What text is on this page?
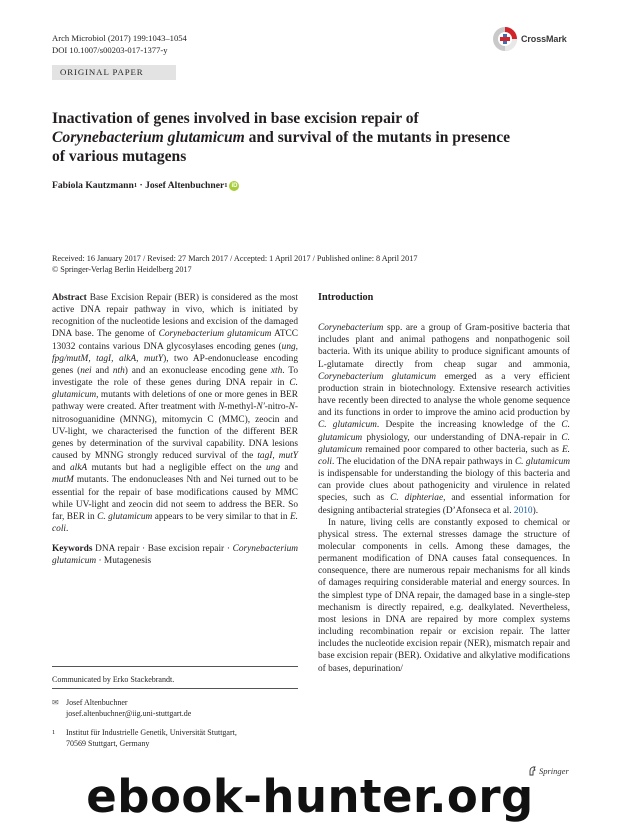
Arch Microbiol (2017) 199:1043–1054
DOI 10.1007/s00203-017-1377-y
CrossMark
ORIGINAL PAPER
Inactivation of genes involved in base excision repair of Corynebacterium glutamicum and survival of the mutants in presence of various mutagens
Fabiola Kautzmann 1 · Josef Altenbuchner 1 iD
Received: 16 January 2017 / Revised: 27 March 2017 / Accepted: 1 April 2017 / Published online: 8 April 2017
© Springer-Verlag Berlin Heidelberg 2017

Abstract Base Excision Repair (BER) is considered as the most active DNA repair pathway in vivo, which is initiated by recognition of the nucleotide lesions and excision of the damaged DNA base. The genome of Corynebacterium glutamicum ATCC 13032 contains various DNA glycosylases encoding genes (ung, fpg/mutM, tagI, alkA, mutY), two AP-endonuclease encoding genes (nei and nth) and an exonuclease encoding gene xth. To investigate the role of these genes during DNA repair in C. glutamicum, mutants with deletions of one or more genes in BER pathway were created. After treatment with N-methyl-N′-nitro-N-nitrosoguanidine (MNNG), mitomycin C (MMC), zeocin and UV-light, we characterised the function of the different BER genes by determination of the survival capability. DNA lesions caused by MNNG strongly reduced survival of the tagI, mutY and alkA mutants but had a negligible effect on the ung and mutM mutants. The endonucleases Nth and Nei turned out to be essential for the repair of base modifications caused by MMC while UV-light and zeocin did not seem to address the BER. So far, BER in C. glutamicum appears to be very similar to that in E. coli.

Keywords DNA repair · Base excision repair · Corynebacterium glutamicum · Mutagenesis

Communicated by Erko Stackebrandt.
✉ Josef Altenbuchner
josef.altenbuchner@iig.uni-stuttgart.de
1 Institut für Industrielle Genetik, Universität Stuttgart,
70569 Stuttgart, Germany
Introduction

Corynebacterium spp. are a group of Gram-positive bacteria that includes plant and animal pathogens and nonpathogenic soil bacteria. With its unique ability to produce significant amounts of L-glutamate directly from cheap sugar and ammonia, Corynebacterium glutamicum emerged as a very efficient production strain in biotechnology. Extensive research activities have recently been directed to analyse the whole genome sequence and its functions in order to improve the amino acid production by C. glutamicum. Despite the increasing knowledge of the C. glutamicum physiology, our understanding of DNA-repair in C. glutamicum remained poor compared to other bacteria, such as E. coli. The elucidation of the DNA repair pathways in C. glutamicum is indispensable for understanding the biology of this bacteria and can provide clues about pathogenicity and virulence in related species, such as C. diphteriae, and essential information for designing antibacterial strategies (D’Afonseca et al. 2010).

In nature, living cells are constantly exposed to chemical or physical stress. The external stresses damage the structure of molecular components in cells. Among these damages, the permanent modification of DNA causes fatal consequences. In consequence, there are numerous repair mechanisms for all kinds of damages requiring considerable material and energy sources. In the simplest type of DNA repair, the damaged base in a single-step mechanism is directly repaired, e.g. dealkylated. Nevertheless, most lesions in DNA are repaired by more complex systems including recombination repair or excision repair. The latter includes the nucleotide excision repair (NER), mismatch repair and base excision repair (BER). Oxidative and alkylative modifications of bases, depurination/

Springer
ebook-hunter.org
